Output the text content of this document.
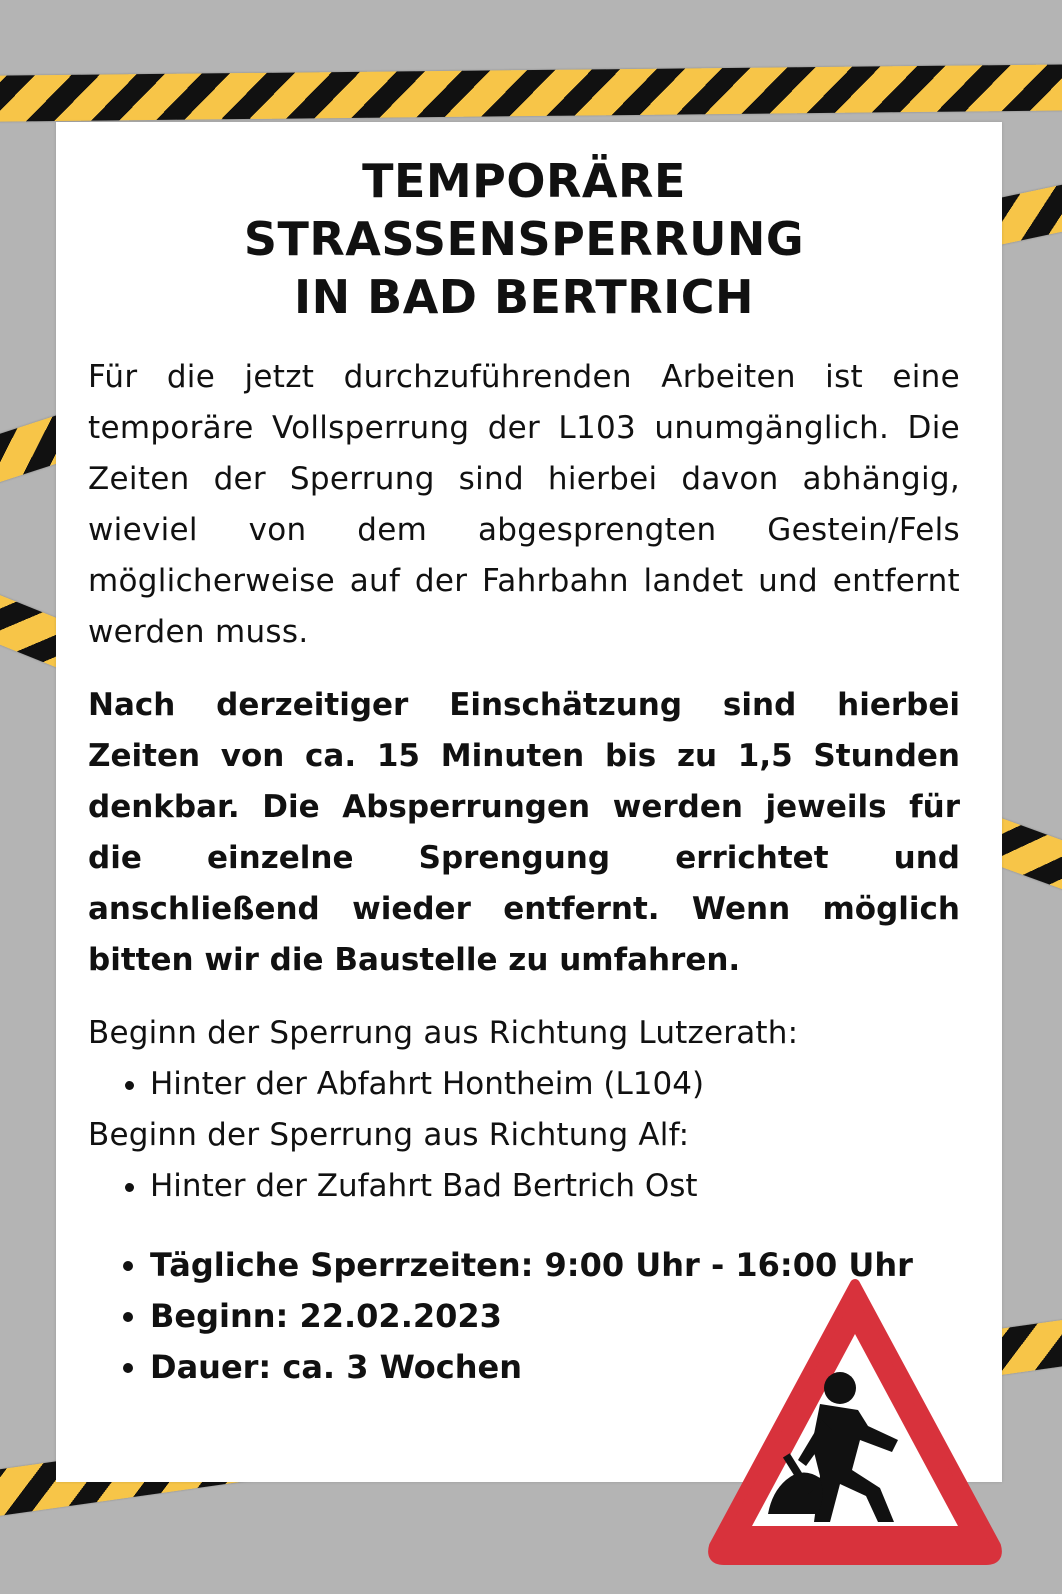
TEMPORÄRE STRASSENSPERRUNG
IN BAD BERTRICH

Für die jetzt durchzuführenden Arbeiten ist eine temporäre Vollsperrung der L103 unumgänglich. Die Zeiten der Sperrung sind hierbei davon abhängig, wieviel von dem abgesprengten Gestein/Fels möglicherweise auf der Fahrbahn landet und entfernt werden muss.

Nach derzeitiger Einschätzung sind hierbei Zeiten von ca. 15 Minuten bis zu 1,5 Stunden denkbar. Die Absperrungen werden jeweils für die einzelne Sprengung errichtet und anschließend wieder entfernt. Wenn möglich bitten wir die Baustelle zu umfahren.

Beginn der Sperrung aus Richtung Lutzerath:
• Hinter der Abfahrt Hontheim (L104)
Beginn der Sperrung aus Richtung Alf:
• Hinter der Zufahrt Bad Bertrich Ost
• Tägliche Sperrzeiten: 9:00 Uhr - 16:00 Uhr
• Beginn: 22.02.2023
• Dauer: ca. 3 Wochen
